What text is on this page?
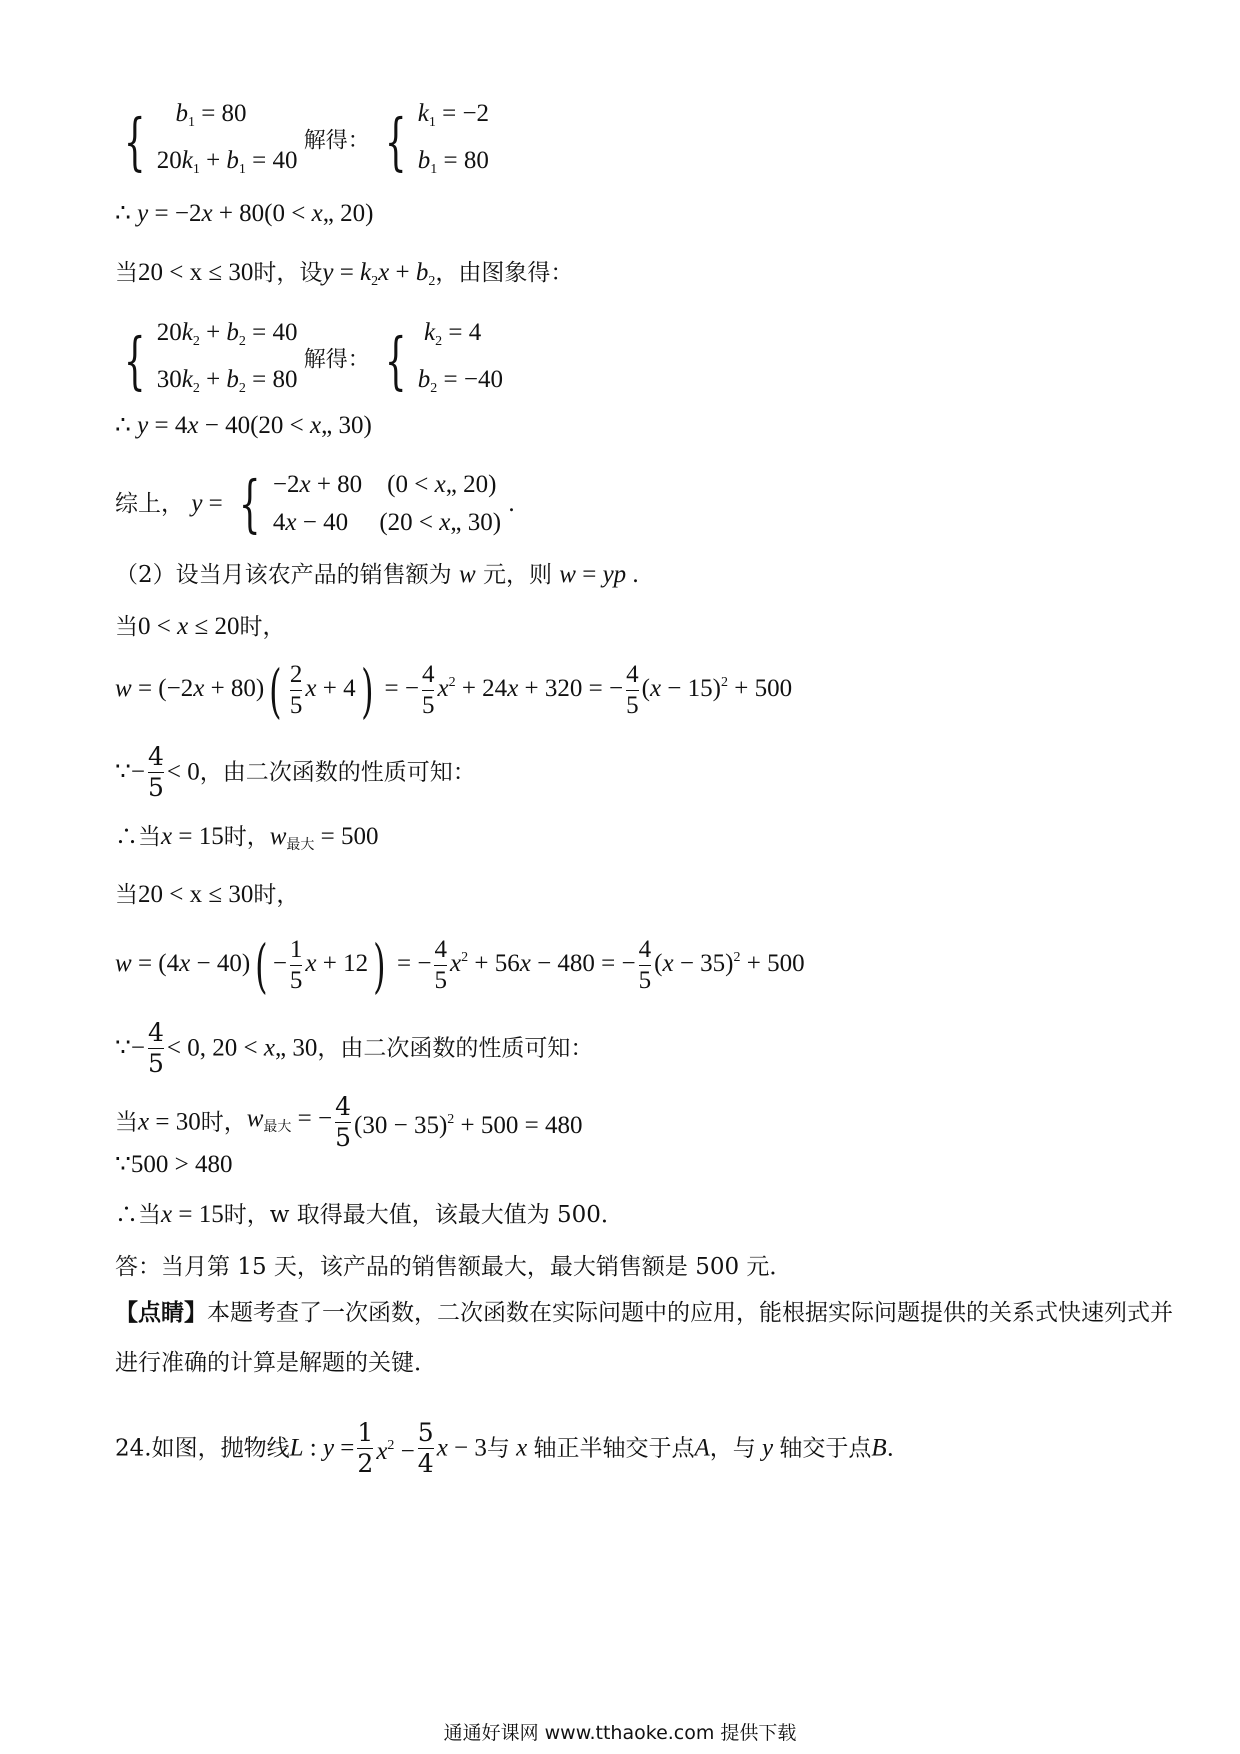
{	$b_1 = 80$
$20k_1 + b_1 = 40$
解得： { $k_1 = -2$
$b_1 = 80$
∴ y = −2x + 80(0 < x„ 20)
当20 < x ≤ 30时，设$y = k_2x + b_2$，由图象得：
{ $20k_2 + b_2 = 40$
$30k_2 + b_2 = 80$
解得： { $k_2 = 4$
$b_2 = -40$
∴ y = 4x − 40(20 < x„ 30)
综上， y = { −2x + 80    (0 < x„ 20)
4x − 40     (20 < x„ 30)
.
（2）设当月该农产品的销售额为 w 元，则 w = yp .
当0 < x ≤ 20时，
$w = (-2x + 80)( \frac{2}{5}$ x + 4) = − $\frac{4}{5} x^2 + 24x + 320$ = − $\frac{4}{5} (x - 15)^2 + 500$
∵− $\frac{4}{5} < 0$，由二次函数的性质可知：
∴当x = 15时，$w_{最大} = 500$
当20 < x ≤ 30时，
$w = (4x - 40)( - \frac{1}{5}$ x + 12) = − $\frac{4}{5} x^2 + 56x - 480$ = − $\frac{4}{5} (x - 35)^2 + 500$
∵− $\frac{4}{5} < 0$, 20 < x„ 30，由二次函数的性质可知：
当x = 30时，$w_{最大}$ = − $\frac{4}{5} (30 - 35)^2 + 500 = 480$
∵500 > 480
∴当x = 15时，w 取得最大值，该最大值为 500．
答：当月第 15 天，该产品的销售额最大，最大销售额是 500 元．
【点睛】本题考查了一次函数，二次函数在实际问题中的应用，能根据实际问题提供的关系式快速列式并
进行准确的计算是解题的关键．
24.如图，抛物线L : $y = \frac{1}{2} x^2 - \frac{5}{4}$ x − 3与 x 轴正半轴交于点A，与 y 轴交于点B．
通通好课网 www.tthaoke.com 提供下载
